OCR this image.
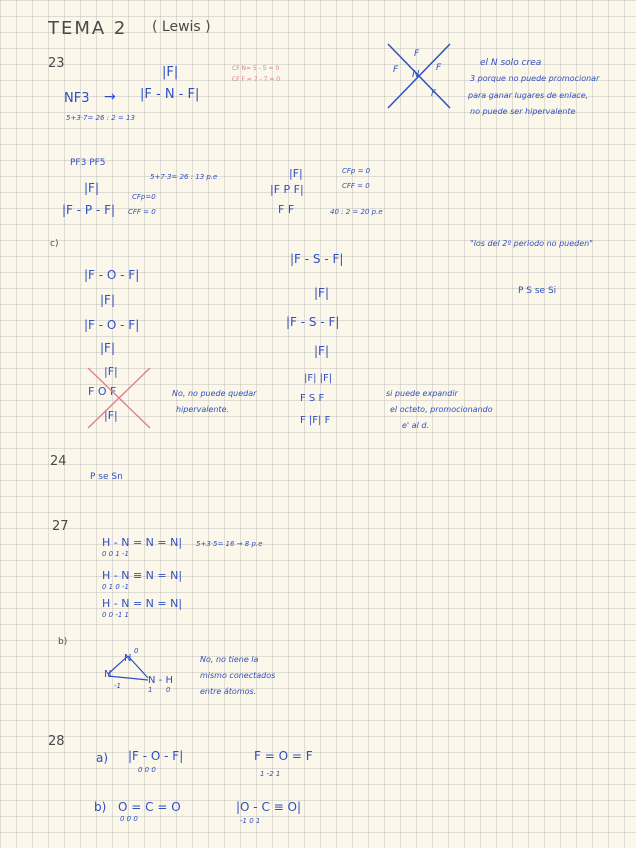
TEMA 2 ( Lewis )
23
NF3 →
5+3·7= 26 : 2 = 13
|F|
|F - N - F|
CF N= 5 - 5 = 0
CF F = 7 - 7 = 0
F
N
F	F
F
el N solo crea
3 porque no puede promocionar
para ganar lugares de enlace,
no puede ser hipervalente
PF3 PF5
5+7·3= 26 : 13 p.e
|F|
|F - P - F|
CFp=0
CFF = 0
CFp = 0
CFF = 0
|F|
|F P F|
F F	40 : 2 = 20 p.e
c)	"los del 2º periodo no pueden"
|F - O - F|
|F|
|F - O - F|
|F|
|F|
F O F
|F|
No, no puede quedar
hipervalente.
|F - S - F|
|F|
|F - S - F|
|F|
|F| |F|
F S F
F |F| F
P S se Si
si puede expandir
el octeto, promocionando
e' al d.
24
P se Sn
27
H - N = N = N|
0 0 1 -1
5+3·5= 16 → 8 p.e
H - N ≡ N = N|
0 1 0 -1
H - N = N = N|
0 0 -1 1
b)
N
N
N - H
0
-1	1 0
No, no tiene la
mismo conectados
entre átomos.
28
a) |F - O - F|
0 0 0
F = O = F
1 -2 1
b) O = C = O
0 0 0
|O - C ≡ O|
-1 0 1
